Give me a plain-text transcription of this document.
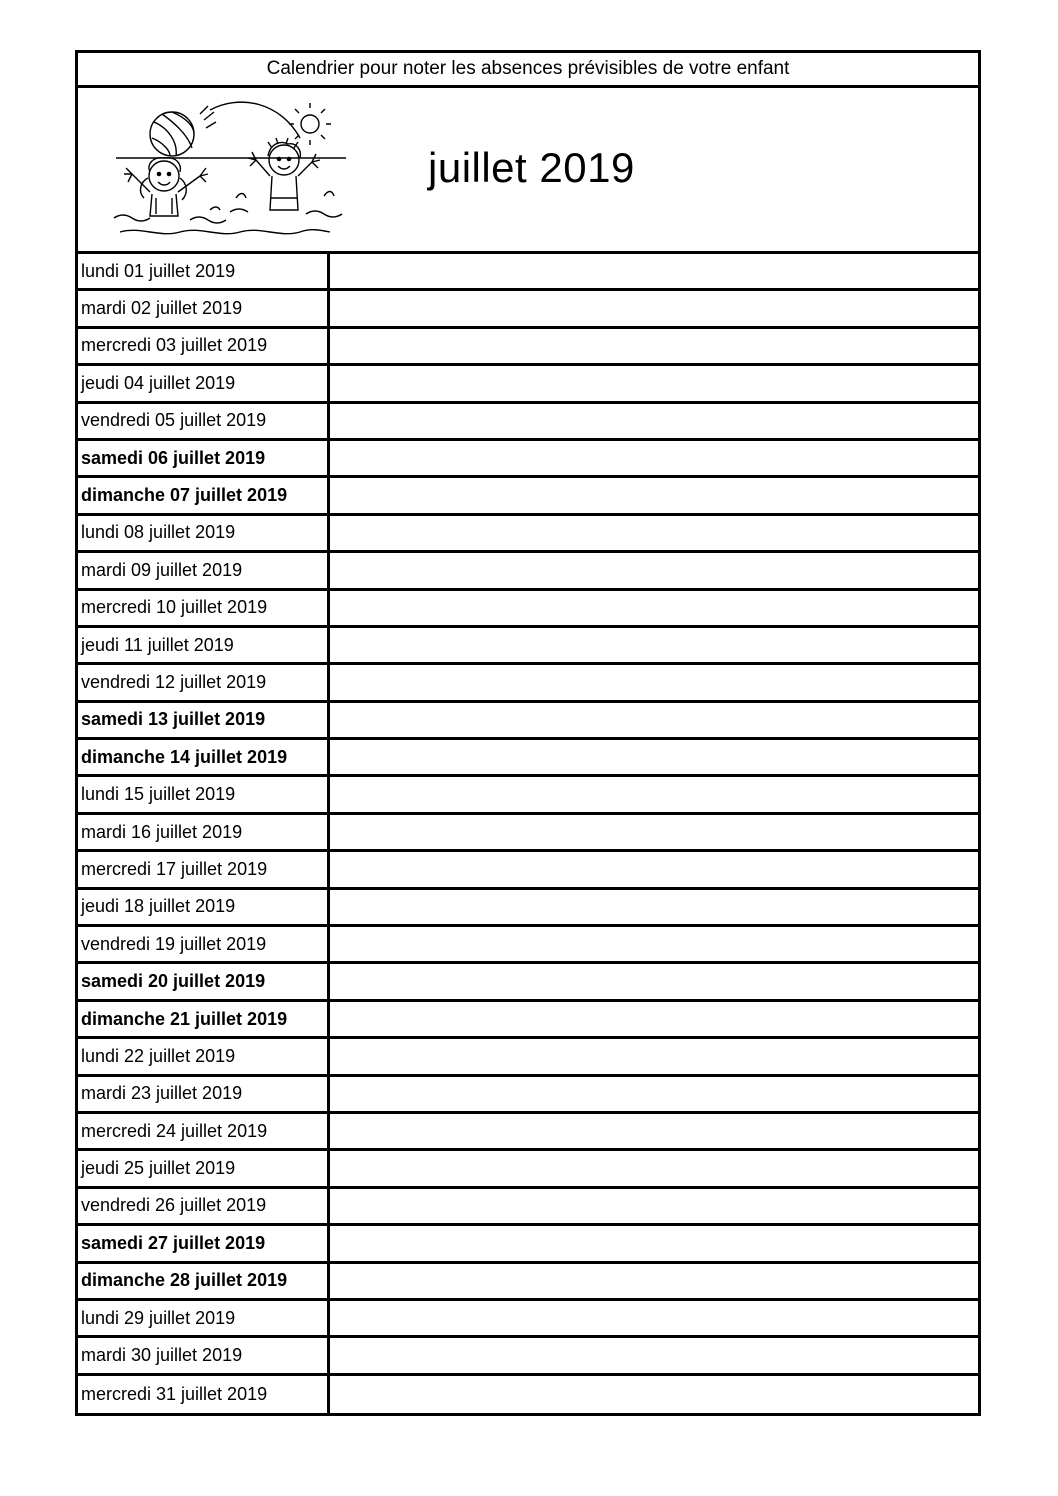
Calendrier pour noter les absences prévisibles de votre enfant
juillet 2019
lundi 01 juillet 2019
mardi 02 juillet 2019
mercredi 03 juillet 2019
jeudi 04 juillet 2019
vendredi 05 juillet 2019
samedi 06 juillet 2019
dimanche 07 juillet 2019
lundi 08 juillet 2019
mardi 09 juillet 2019
mercredi 10 juillet 2019
jeudi 11 juillet 2019
vendredi 12 juillet 2019
samedi 13 juillet 2019
dimanche 14 juillet 2019
lundi 15 juillet 2019
mardi 16 juillet 2019
mercredi 17 juillet 2019
jeudi 18 juillet 2019
vendredi 19 juillet 2019
samedi 20 juillet 2019
dimanche 21 juillet 2019
lundi 22 juillet 2019
mardi 23 juillet 2019
mercredi 24 juillet 2019
jeudi 25 juillet 2019
vendredi 26 juillet 2019
samedi 27 juillet 2019
dimanche 28 juillet 2019
lundi 29 juillet 2019
mardi 30 juillet 2019
mercredi 31 juillet 2019
